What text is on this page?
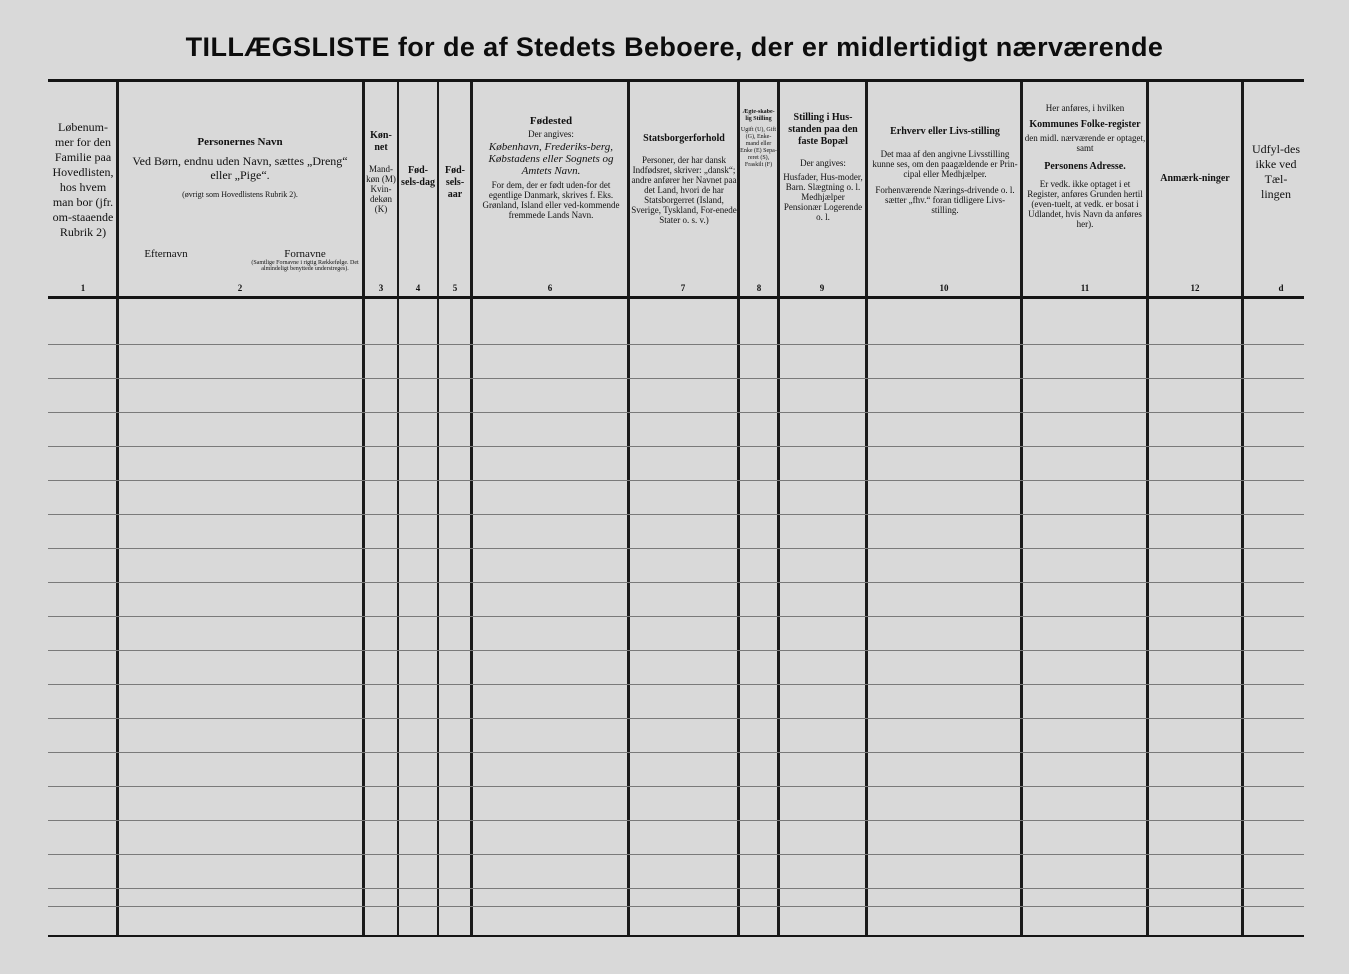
TILLÆGSLISTE for de af Stedets Beboere, der er midlertidigt nærværende
Løbenum-mer for den Familie paa Hovedlisten, hos hvem man bor (jfr. om-staaende Rubrik 2)
1
Personernes Navn
Ved Børn, endnu uden Navn, sættes „Dreng“ eller „Pige“.
(øvrigt som Hovedlistens Rubrik 2).
Efternavn	Fornavne
(Samtlige Fornavne i rigtig Rækkefølge. Det almindeligt benyttede understreges).
2
Køn-net
Mand-køn (M) Kvin-dekøn (K)
3
Fød-sels-dag
4
Fød-sels-aar
5
Fødested
Der angives:
København, Frederiks-berg, Købstadens eller Sognets og Amtets Navn.
For dem, der er født uden-for det egentlige Danmark, skrives f. Eks. Grønland, Island eller ved-kommende fremmede Lands Navn.
6
Statsborgerforhold
Personer, der har dansk Indfødsret, skriver: „dansk“; andre anfører her Navnet paa det Land, hvori de har Statsborgerret (Island, Sverige, Tyskland, For-enede Stater o. s. v.)
7
Ægte-skabe-lig Stilling
Ugift (U), Gift (G), Enke-mand eller Enke (E) Sepa-reret (S), Fraskilt (F)
8
Stilling i Hus-standen paa den faste Bopæl
Der angives:
Husfader, Hus-moder, Barn. Slægtning o. l. Medhjælper Pensionær Logerende o. l.
9
Erhverv eller Livs-stilling
Det maa af den angivne Livsstilling kunne ses, om den paagældende er Prin-cipal eller Medhjælper.
Forhenværende Nærings-drivende o. l. sætter „fhv.“ foran tidligere Livs-stilling.
10
Her anføres, i hvilken
Kommunes Folke-register
den midl. nærværende er optaget, samt
Personens Adresse.
Er vedk. ikke optaget i et Register, anføres Grunden hertil (even-tuelt, at vedk. er bosat i Udlandet, hvis Navn da anføres her).
11
Anmærk-ninger
12
Udfyl-des ikke ved Tæl-lingen
d
